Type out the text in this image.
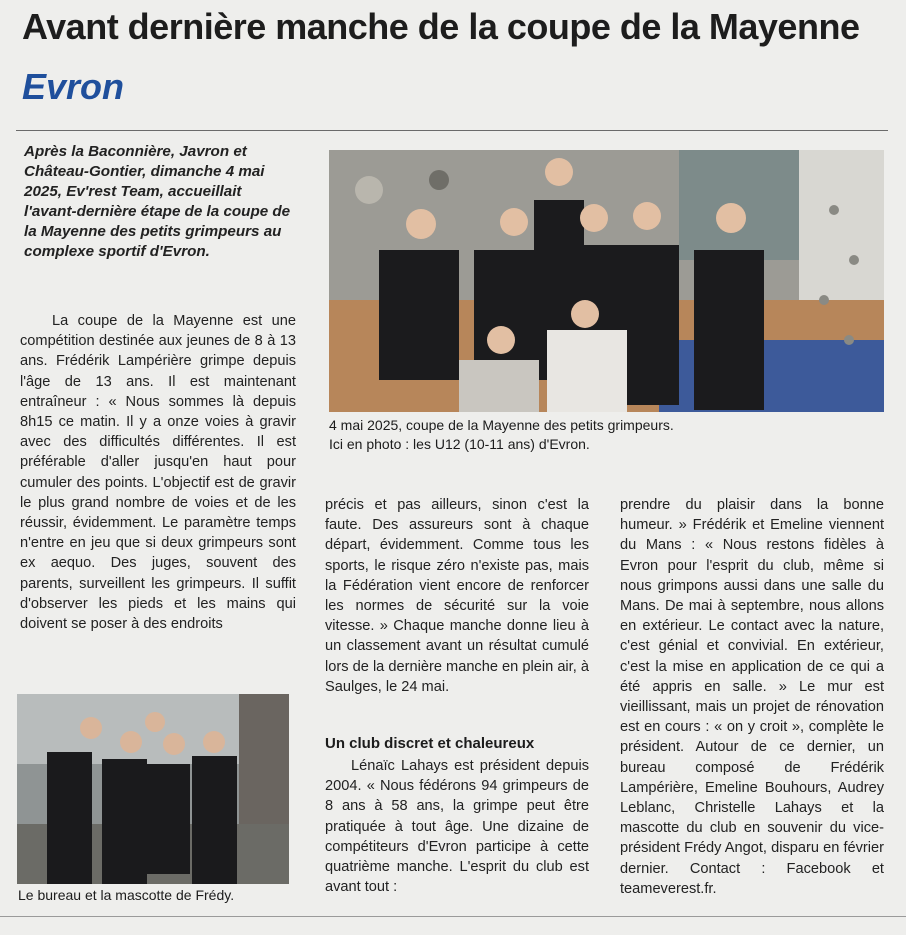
Avant dernière manche de la coupe de la Mayenne
Evron

Après la Baconnière, Javron et Château-Gontier, dimanche 4 mai 2025, Ev'rest Team, accueillait l'avant-dernière étape de la coupe de la Mayenne des petits grimpeurs au complexe sportif d'Evron.

La coupe de la Mayenne est une compétition destinée aux jeunes de 8 à 13 ans. Frédérik Lampérière grimpe depuis l'âge de 13 ans. Il est maintenant entraîneur : « Nous sommes là depuis 8h15 ce matin. Il y a onze voies à gravir avec des difficultés différentes. Il est préférable d'aller jusqu'en haut pour cumuler des points. L'objectif est de gravir le plus grand nombre de voies et de les réussir, évidemment. Le paramètre temps n'entre en jeu que si deux grimpeurs sont ex aequo. Des juges, souvent des parents, surveillent les grimpeurs. Il suffit d'observer les pieds et les mains qui doivent se poser à des endroits

4 mai 2025, coupe de la Mayenne des petits grimpeurs.
Ici en photo : les U12 (10-11 ans) d'Evron.

précis et pas ailleurs, sinon c'est la faute. Des assureurs sont à chaque départ, évidemment. Comme tous les sports, le risque zéro n'existe pas, mais la Fédération vient encore de renforcer les normes de sécurité sur la voie vitesse. » Chaque manche donne lieu à un classement avant un résultat cumulé lors de la dernière manche en plein air, à Saulges, le 24 mai.

Un club discret et chaleureux

Lénaïc Lahays est président depuis 2004. « Nous fédérons 94 grimpeurs de 8 ans à 58 ans, la grimpe peut être pratiquée à tout âge. Une dizaine de compétiteurs d'Evron participe à cette quatrième manche. L'esprit du club est avant tout :

prendre du plaisir dans la bonne humeur. » Frédérik et Emeline viennent du Mans : « Nous restons fidèles à Evron pour l'esprit du club, même si nous grimpons aussi dans une salle du Mans. De mai à septembre, nous allons en extérieur. Le contact avec la nature, c'est génial et convivial. En extérieur, c'est la mise en application de ce qui a été appris en salle. » Le mur est vieillissant, mais un projet de rénovation est en cours : « on y croit », complète le président. Autour de ce dernier, un bureau composé de Frédérik Lampérière, Emeline Bouhours, Audrey Leblanc, Christelle Lahays et la mascotte du club en souvenir du vice-président Frédy Angot, disparu en février dernier. Contact : Facebook et teameverest.fr.

Le bureau et la mascotte de Frédy.
